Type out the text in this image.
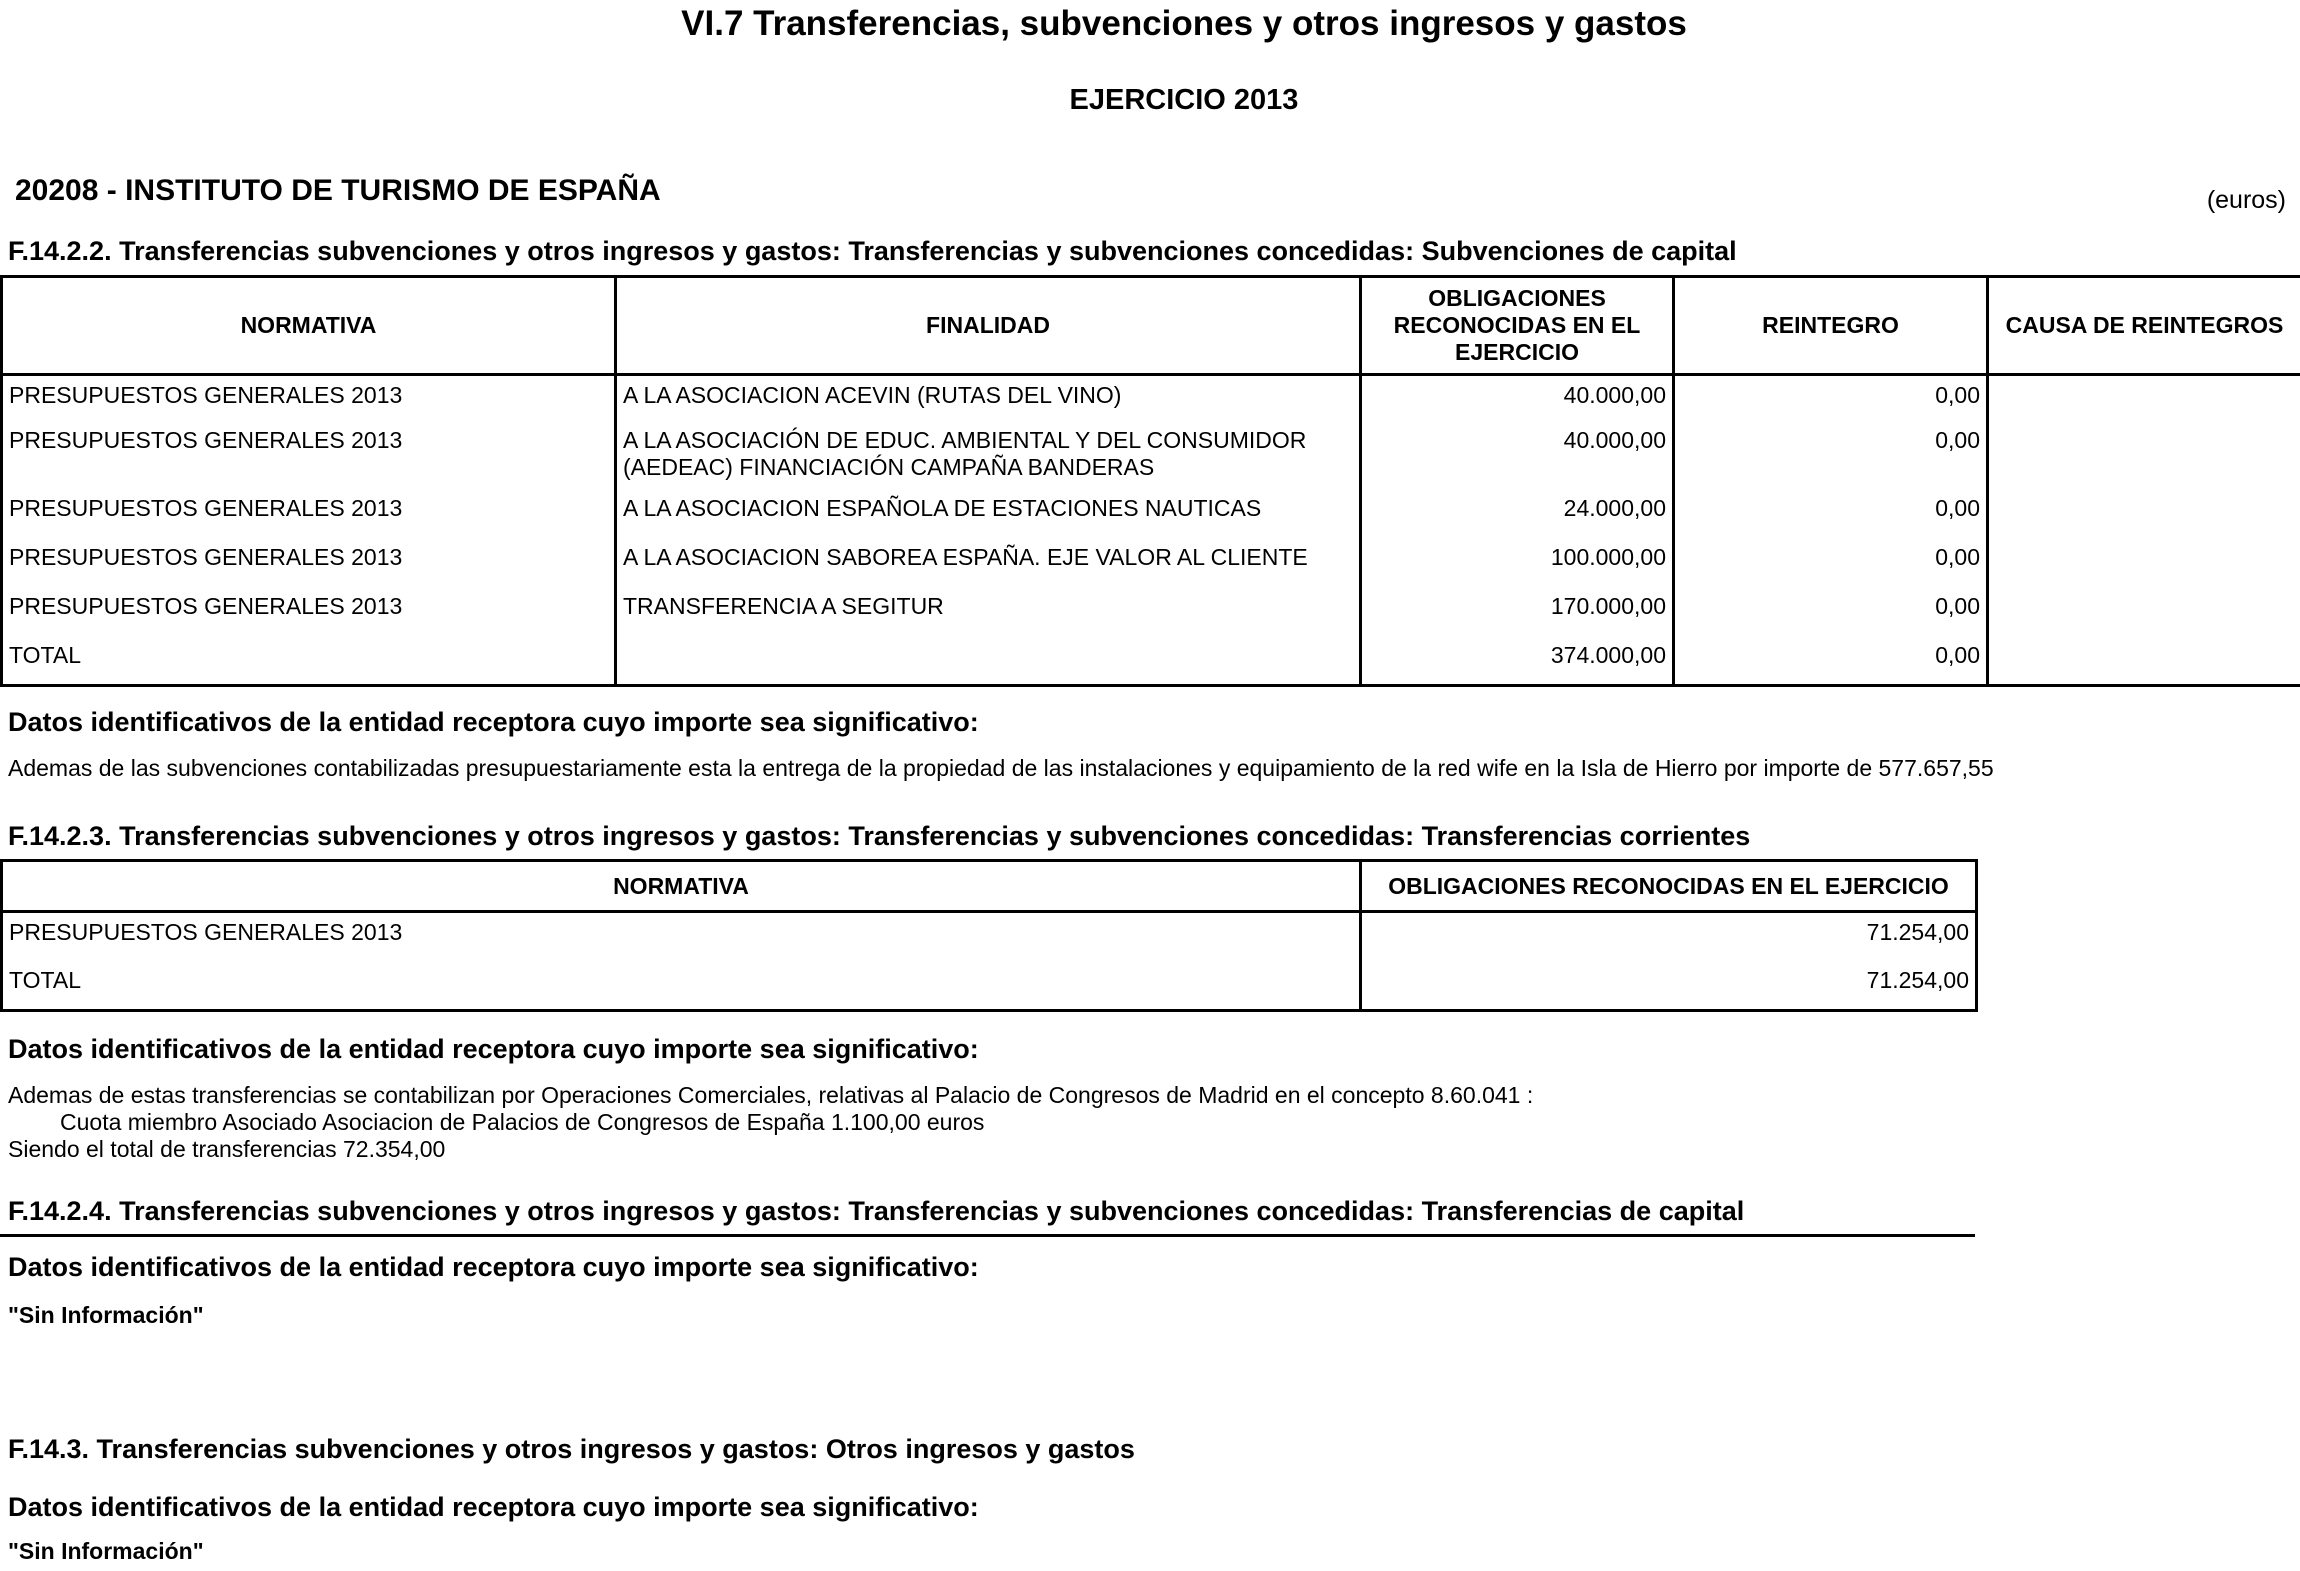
VI.7 Transferencias, subvenciones y otros ingresos y gastos
EJERCICIO 2013
20208 - INSTITUTO DE TURISMO DE ESPAÑA	(euros)
F.14.2.2. Transferencias subvenciones y otros ingresos y gastos: Transferencias y subvenciones concedidas: Subvenciones de capital
NORMATIVA	FINALIDAD	OBLIGACIONES RECONOCIDAS EN EL EJERCICIO	REINTEGRO	CAUSA DE REINTEGROS
PRESUPUESTOS GENERALES 2013	A LA ASOCIACION ACEVIN (RUTAS DEL VINO)	40.000,00	0,00	
PRESUPUESTOS GENERALES 2013	A LA ASOCIACIÓN DE EDUC. AMBIENTAL Y DEL CONSUMIDOR (AEDEAC) FINANCIACIÓN CAMPAÑA BANDERAS	40.000,00	0,00	
PRESUPUESTOS GENERALES 2013	A LA ASOCIACION ESPAÑOLA DE ESTACIONES NAUTICAS	24.000,00	0,00	
PRESUPUESTOS GENERALES 2013	A LA ASOCIACION SABOREA ESPAÑA. EJE VALOR AL CLIENTE	100.000,00	0,00	
PRESUPUESTOS GENERALES 2013	TRANSFERENCIA A SEGITUR	170.000,00	0,00	
TOTAL		374.000,00	0,00	
Datos identificativos de la entidad receptora cuyo importe sea significativo:
Ademas de las subvenciones contabilizadas presupuestariamente esta la entrega de la propiedad de las instalaciones y equipamiento de la red wife en la Isla de Hierro por importe de 577.657,55
F.14.2.3. Transferencias subvenciones y otros ingresos y gastos: Transferencias y subvenciones concedidas: Transferencias corrientes
NORMATIVA	OBLIGACIONES RECONOCIDAS EN EL EJERCICIO
PRESUPUESTOS GENERALES 2013	71.254,00
TOTAL	71.254,00
Datos identificativos de la entidad receptora cuyo importe sea significativo:
Ademas de estas transferencias se contabilizan por Operaciones Comerciales, relativas al Palacio de Congresos de Madrid en el concepto 8.60.041 :
Cuota miembro Asociado Asociacion de Palacios de Congresos de España 1.100,00 euros
Siendo el total de transferencias 72.354,00
F.14.2.4. Transferencias subvenciones y otros ingresos y gastos: Transferencias y subvenciones concedidas: Transferencias de capital
Datos identificativos de la entidad receptora cuyo importe sea significativo:
"Sin Información"
F.14.3. Transferencias subvenciones y otros ingresos y gastos: Otros ingresos y gastos
Datos identificativos de la entidad receptora cuyo importe sea significativo:
"Sin Información"
